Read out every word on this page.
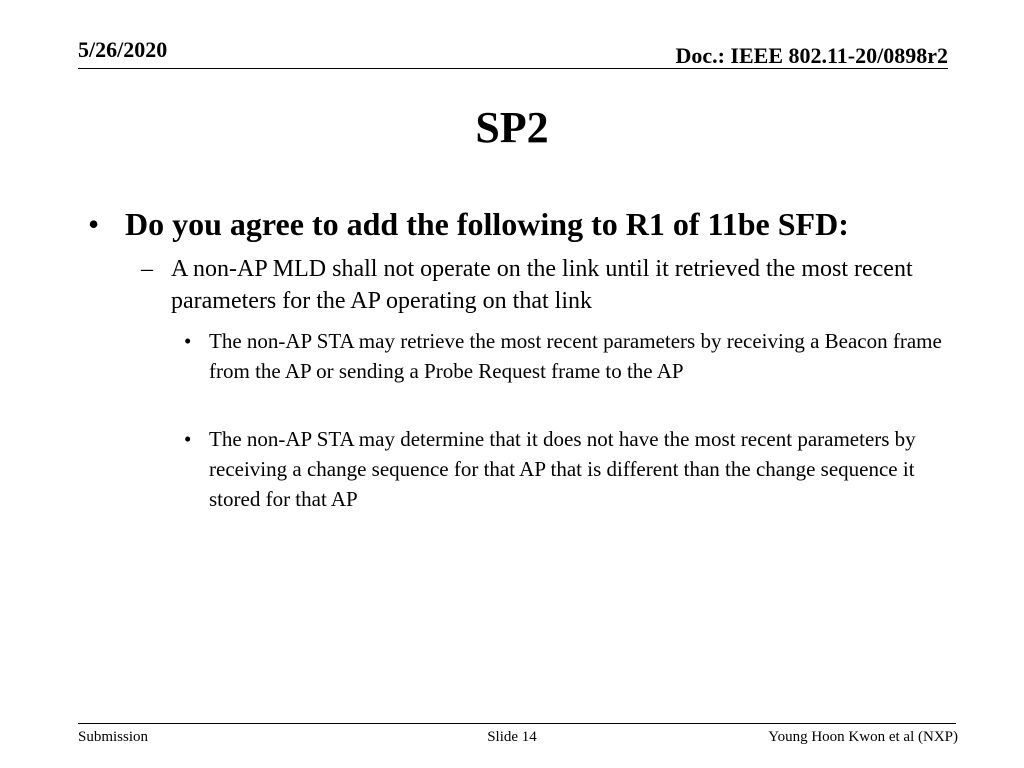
5/26/2020	Doc.: IEEE 802.11-20/0898r2
SP2
• Do you agree to add the following to R1 of 11be SFD:
– A non-AP MLD shall not operate on the link until it retrieved the most recent parameters for the AP operating on that link
• The non-AP STA may retrieve the most recent parameters by receiving a Beacon frame from the AP or sending a Probe Request frame to the AP
• The non-AP STA may determine that it does not have the most recent parameters by receiving a change sequence for that AP that is different than the change sequence it stored for that AP
Submission	Slide 14	Young Hoon Kwon et al (NXP)
